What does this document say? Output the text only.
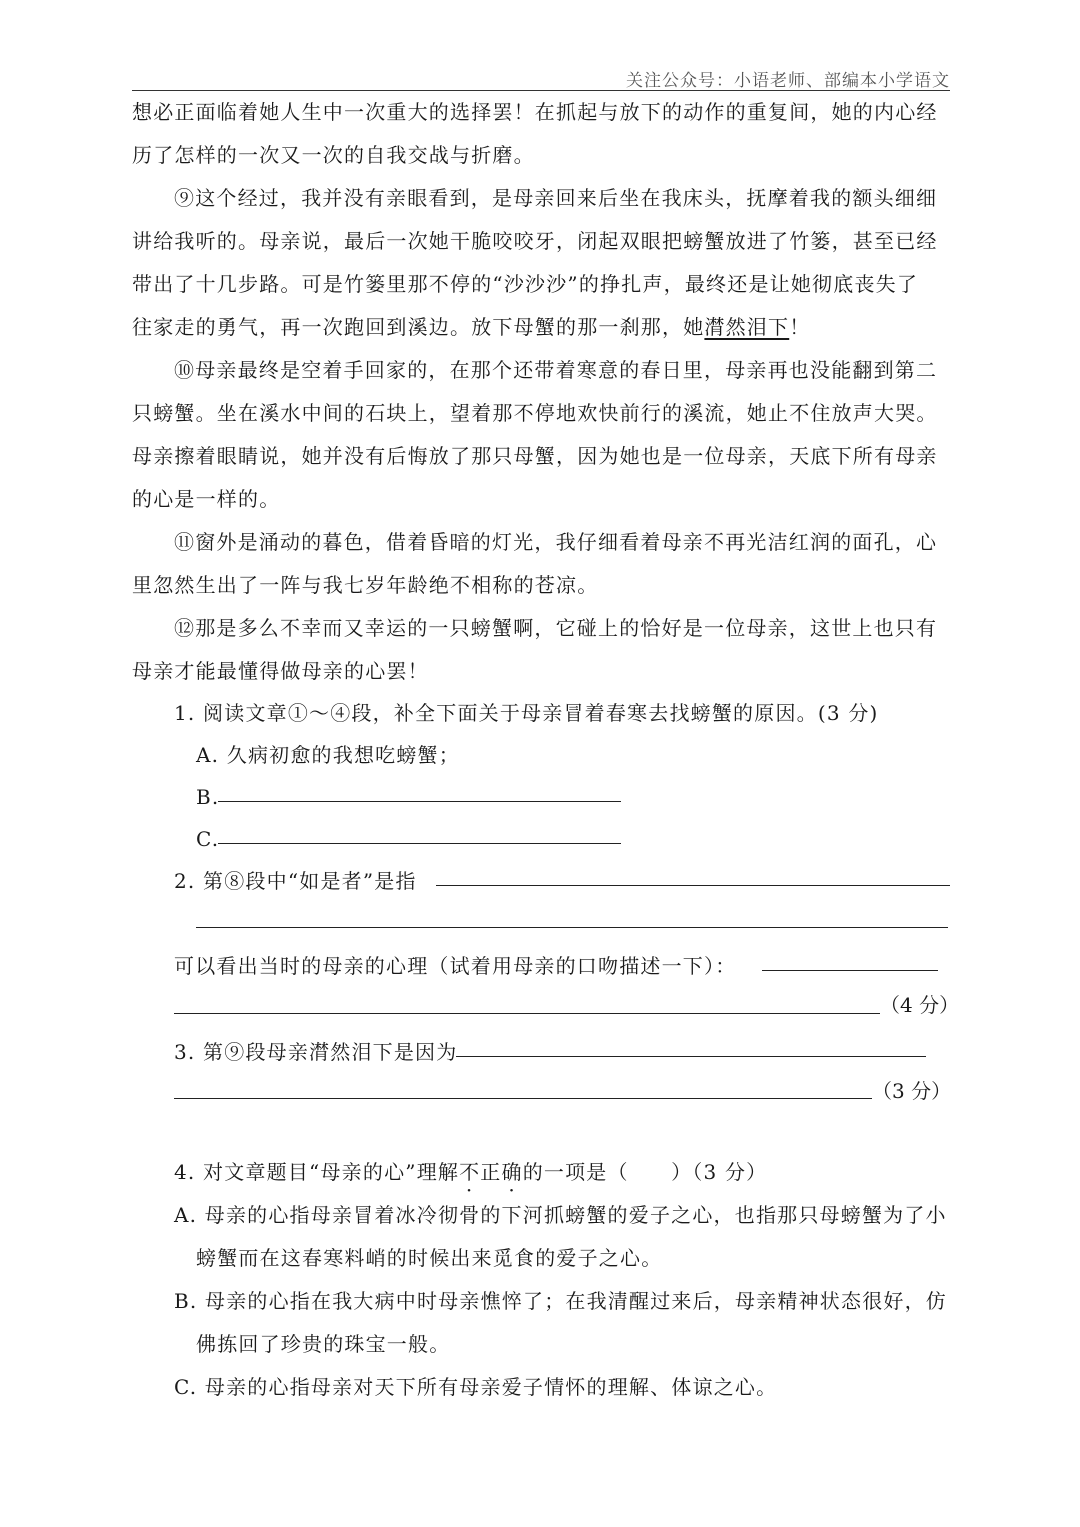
关注公众号：小语老师、部编本小学语文
想必正面临着她人生中一次重大的选择罢！在抓起与放下的动作的重复间，她的内心经
历了怎样的一次又一次的自我交战与折磨。
⑨这个经过，我并没有亲眼看到，是母亲回来后坐在我床头，抚摩着我的额头细细
讲给我听的。母亲说，最后一次她干脆咬咬牙，闭起双眼把螃蟹放进了竹篓，甚至已经
带出了十几步路。可是竹篓里那不停的“沙沙沙”的挣扎声，最终还是让她彻底丧失了
往家走的勇气，再一次跑回到溪边。放下母蟹的那一刹那，她潸然泪下！
⑩母亲最终是空着手回家的，在那个还带着寒意的春日里，母亲再也没能翻到第二
只螃蟹。坐在溪水中间的石块上，望着那不停地欢快前行的溪流，她止不住放声大哭。
母亲擦着眼睛说，她并没有后悔放了那只母蟹，因为她也是一位母亲，天底下所有母亲
的心是一样的。
⑪窗外是涌动的暮色，借着昏暗的灯光，我仔细看着母亲不再光洁红润的面孔，心
里忽然生出了一阵与我七岁年龄绝不相称的苍凉。
⑫那是多么不幸而又幸运的一只螃蟹啊，它碰上的恰好是一位母亲，这世上也只有
母亲才能最懂得做母亲的心罢！
1. 阅读文章①～④段，补全下面关于母亲冒着春寒去找螃蟹的原因。(3 分)
A. 久病初愈的我想吃螃蟹；
B.
C.
2. 第⑧段中“如是者”是指
可以看出当时的母亲的心理（试着用母亲的口吻描述一下）：
（4 分）
3. 第⑨段母亲潸然泪下是因为
（3 分）
4. 对文章题目“母亲的心”理解不正确的一项是（　　）（3 分）
A. 母亲的心指母亲冒着冰冷彻骨的下河抓螃蟹的爱子之心，也指那只母螃蟹为了小
螃蟹而在这春寒料峭的时候出来觅食的爱子之心。
B. 母亲的心指在我大病中时母亲憔悴了；在我清醒过来后，母亲精神状态很好，仿
佛拣回了珍贵的珠宝一般。
C. 母亲的心指母亲对天下所有母亲爱子情怀的理解、体谅之心。
